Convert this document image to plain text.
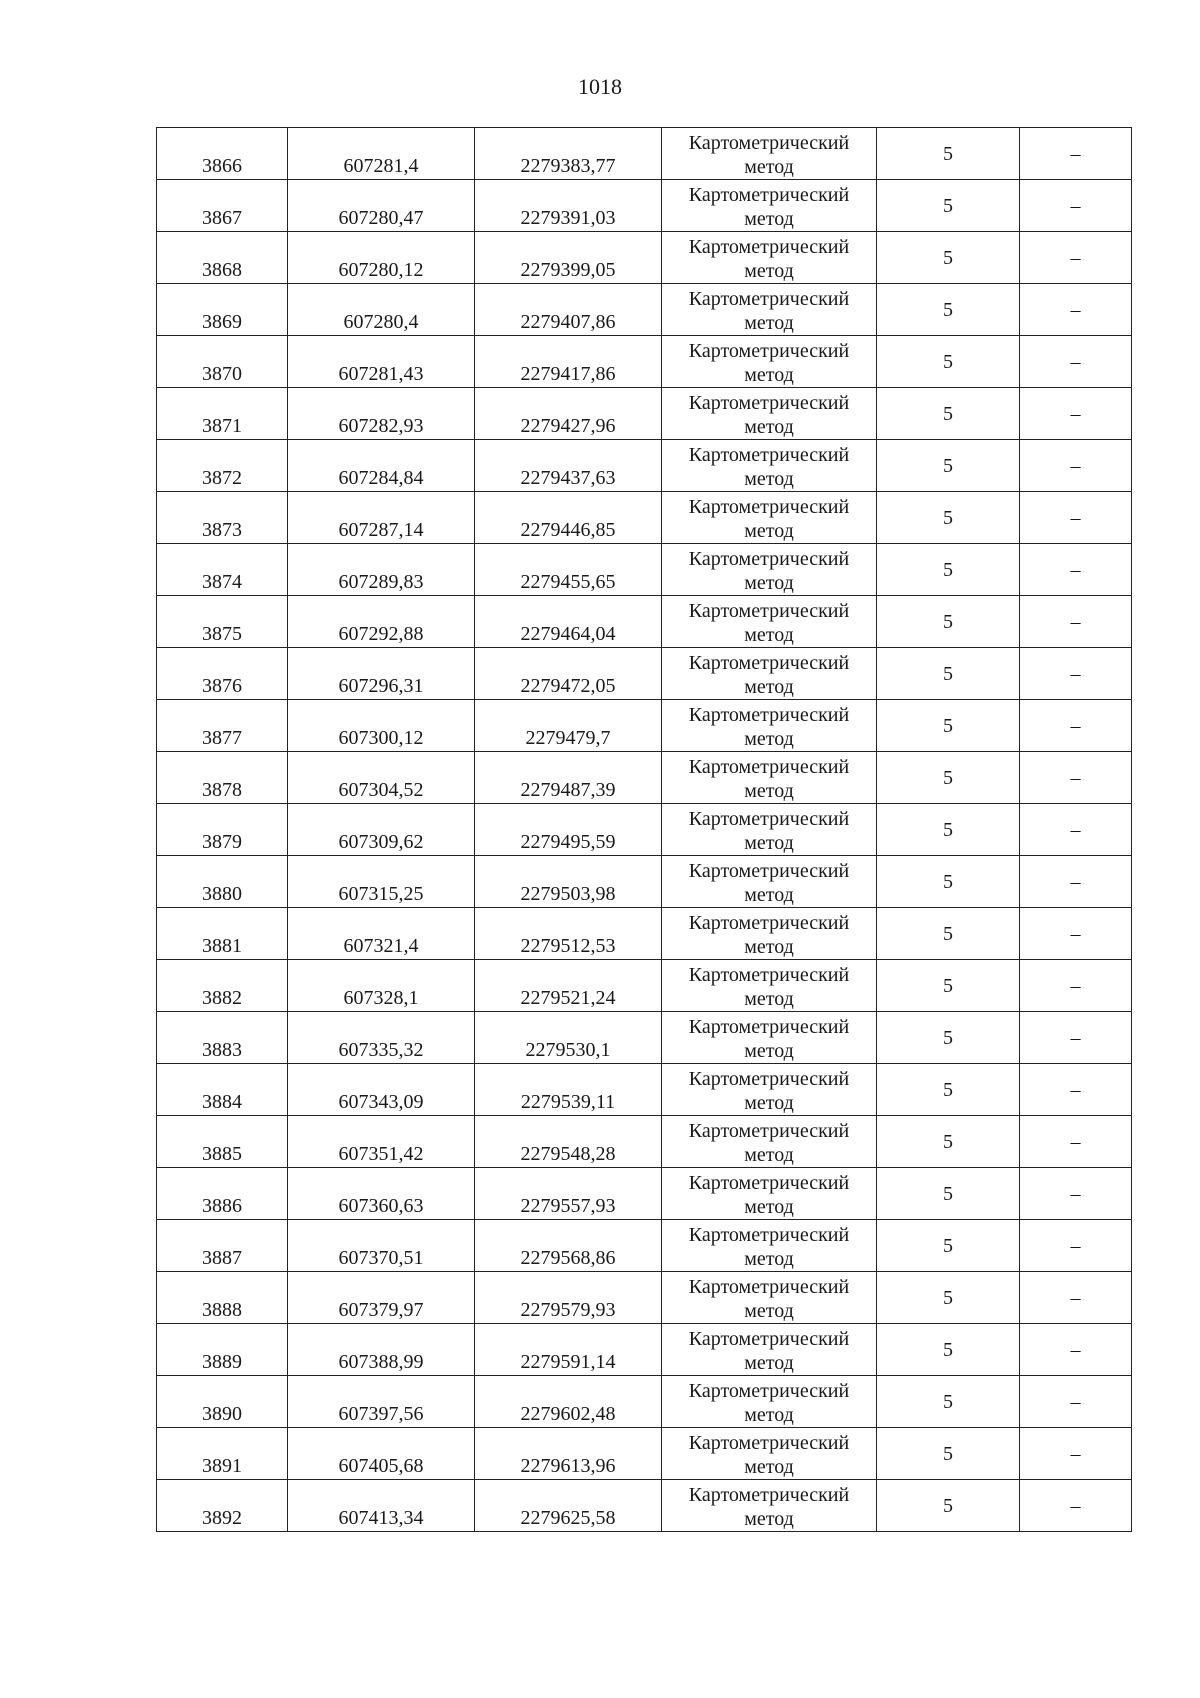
1018
3866	607281,4	2279383,77	Картометрический метод	5	–
3867	607280,47	2279391,03	Картометрический метод	5	–
3868	607280,12	2279399,05	Картометрический метод	5	–
3869	607280,4	2279407,86	Картометрический метод	5	–
3870	607281,43	2279417,86	Картометрический метод	5	–
3871	607282,93	2279427,96	Картометрический метод	5	–
3872	607284,84	2279437,63	Картометрический метод	5	–
3873	607287,14	2279446,85	Картометрический метод	5	–
3874	607289,83	2279455,65	Картометрический метод	5	–
3875	607292,88	2279464,04	Картометрический метод	5	–
3876	607296,31	2279472,05	Картометрический метод	5	–
3877	607300,12	2279479,7	Картометрический метод	5	–
3878	607304,52	2279487,39	Картометрический метод	5	–
3879	607309,62	2279495,59	Картометрический метод	5	–
3880	607315,25	2279503,98	Картометрический метод	5	–
3881	607321,4	2279512,53	Картометрический метод	5	–
3882	607328,1	2279521,24	Картометрический метод	5	–
3883	607335,32	2279530,1	Картометрический метод	5	–
3884	607343,09	2279539,11	Картометрический метод	5	–
3885	607351,42	2279548,28	Картометрический метод	5	–
3886	607360,63	2279557,93	Картометрический метод	5	–
3887	607370,51	2279568,86	Картометрический метод	5	–
3888	607379,97	2279579,93	Картометрический метод	5	–
3889	607388,99	2279591,14	Картометрический метод	5	–
3890	607397,56	2279602,48	Картометрический метод	5	–
3891	607405,68	2279613,96	Картометрический метод	5	–
3892	607413,34	2279625,58	Картометрический метод	5	–
